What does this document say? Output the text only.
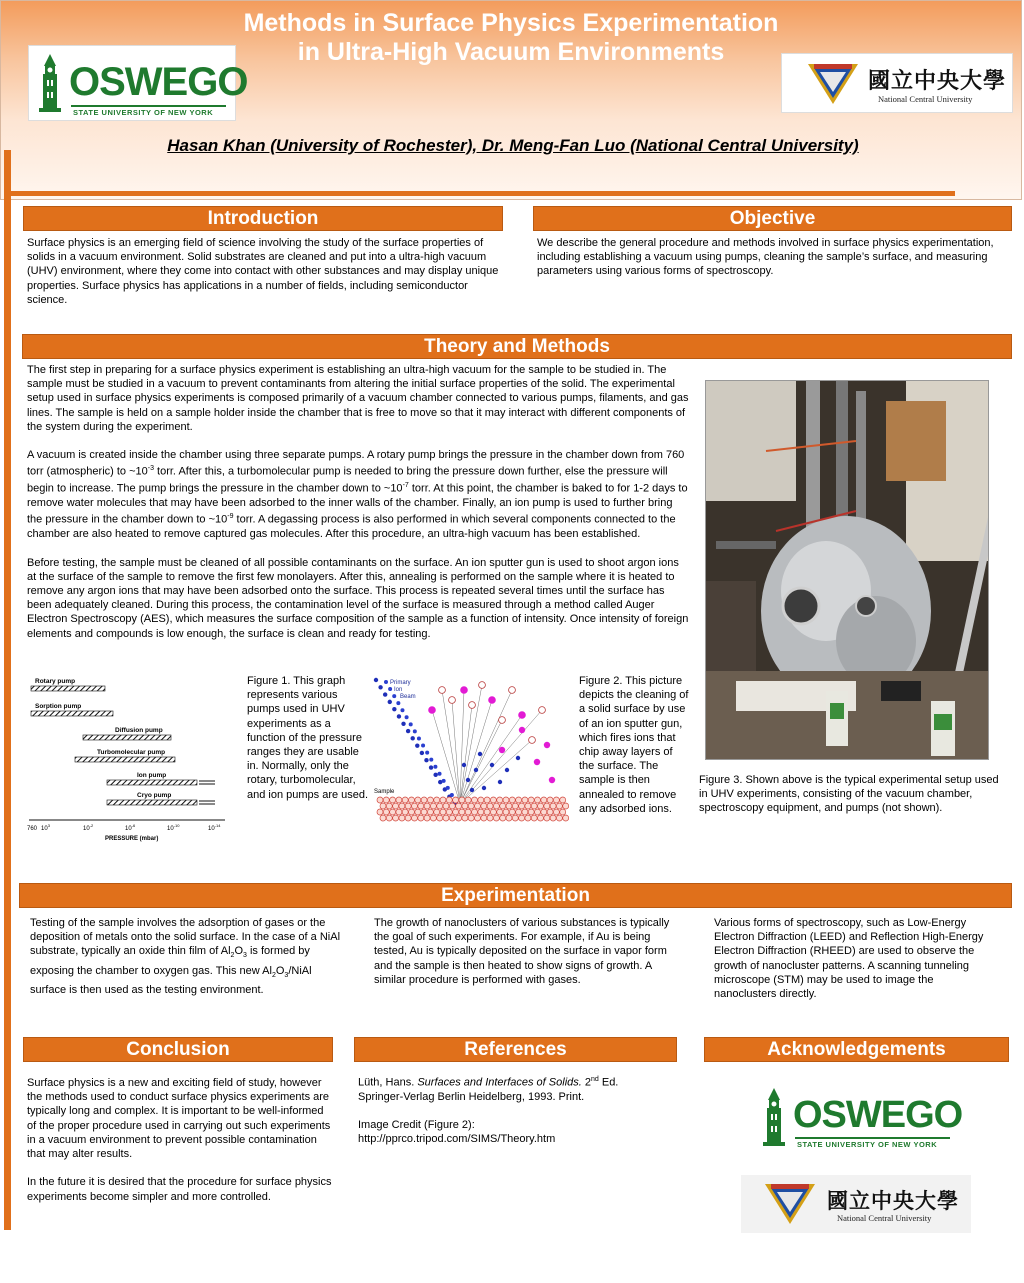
Methods in Surface Physics Experimentation
in Ultra-High Vacuum Environments
Hasan Khan (University of Rochester), Dr. Meng-Fan Luo (National Central University)
OSWEGO
STATE UNIVERSITY OF NEW YORK
國立中央大學
National Central University
Introduction
Surface physics is an emerging field of science involving the study of the surface properties of solids in a vacuum environment. Solid substrates are cleaned and put into a ultra-high vacuum (UHV) environment, where they come into contact with other substances and may display unique properties. Surface physics has applications in a number of fields, including semiconductor science.
Objective
We describe the general procedure and methods involved in surface physics experimentation, including establishing a vacuum using pumps, cleaning the sample’s surface, and measuring parameters using various forms of spectroscopy.
Theory and Methods

The first step in preparing for a surface physics experiment is establishing an ultra-high vacuum for the sample to be studied in. The sample must be studied in a vacuum to prevent contaminants from altering the initial surface properties of the solid. The experimental setup used in surface physics experiments is composed primarily of a vacuum chamber connected to various pumps, filaments, and gas lines. The sample is held on a sample holder inside the chamber that is free to move so that it may interact with different components of the system during the experiment.

A vacuum is created inside the chamber using three separate pumps. A rotary pump brings the pressure in the chamber down from 760 torr (atmospheric) to $\sim 10^{-3}$ torr. After this, a turbomolecular pump is needed to bring the pressure down further, else the pressure will begin to increase. The pump brings the pressure in the chamber down to $\sim 10^{-7}$ torr. At this point, the chamber is baked to for 1-2 days to remove water molecules that may have been adsorbed to the inner walls of the chamber. Finally, an ion pump is used to further bring the pressure in the chamber down to $\sim 10^{-9}$ torr. A degassing process is also performed in which several components connected to the chamber are also heated to remove captured gas molecules. After this procedure, an ultra-high vacuum has been established.

Before testing, the sample must be cleaned of all possible contaminants on the surface. An ion sputter gun is used to shoot argon ions at the surface of the sample to remove the first few monolayers. After this, annealing is performed on the sample where it is heated to remove any argon ions that may have been adsorbed onto the surface. This process is repeated several times until the surface has been adequately cleaned. During this process, the contamination level of the surface is measured through a method called Auger Electron Spectroscopy (AES), which measures the surface composition of the sample as a function of intensity. Once intensity of foreign elements and compounds is low enough, the surface is clean and ready for testing.

Rotary pump
Sorption pump
Diffusion pump
Turbomolecular pump
Ion pump
Cryo pump
760 $10^3$
$10^{-2}$
$10^{-6}$
$10^{-10}$
$10^{-14}$
PRESSURE (mbar)
Figure 1. This graph represents various pumps used in UHV experiments as a function of the pressure ranges they are usable in. Normally, only the rotary, turbomolecular, and ion pumps are used.
Primary
Ion
Beam
Sample
Figure 2. This picture depicts the cleaning of a solid surface by use of an ion sputter gun, which fires ions that chip away layers of the surface. The sample is then annealed to remove any adsorbed ions.
Figure 3. Shown above is the typical experimental setup used in UHV experiments, consisting of the vacuum chamber, spectroscopy equipment, and pumps (not shown).
Experimentation
Testing of the sample involves the adsorption of gases or the deposition of metals onto the solid surface. In the case of a NiAl substrate, typically an oxide thin film of $Al_2O_3$ is formed by exposing the chamber to oxygen gas. This new $Al_2O_3$/NiAl surface is then used as the testing environment.
The growth of nanoclusters of various substances is typically the goal of such experiments. For example, if Au is being tested, Au is typically deposited on the surface in vapor form and the sample is then heated to show signs of growth. A similar procedure is performed with gases.
Various forms of spectroscopy, such as Low-Energy Electron Diffraction (LEED) and Reflection High-Energy Electron Diffraction (RHEED) are used to observe the growth of nanocluster patterns. A scanning tunneling microscope (STM) may be used to image the nanoclusters directly.
Conclusion

Surface physics is a new and exciting field of study, however the methods used to conduct surface physics experiments are typically long and complex. It is important to be well-informed of the proper procedure used in carrying out such experiments in a vacuum environment to prevent possible contamination that may alter results.

In the future it is desired that the procedure for surface physics experiments become simpler and more controlled.

References

Lüth, Hans. Surfaces and Interfaces of Solids. 2nd Ed.
Springer-Verlag Berlin Heidelberg, 1993. Print.

Image Credit (Figure 2):
http://pprco.tripod.com/SIMS/Theory.htm

Acknowledgements
OSWEGO
STATE UNIVERSITY OF NEW YORK
國立中央大學
National Central University
